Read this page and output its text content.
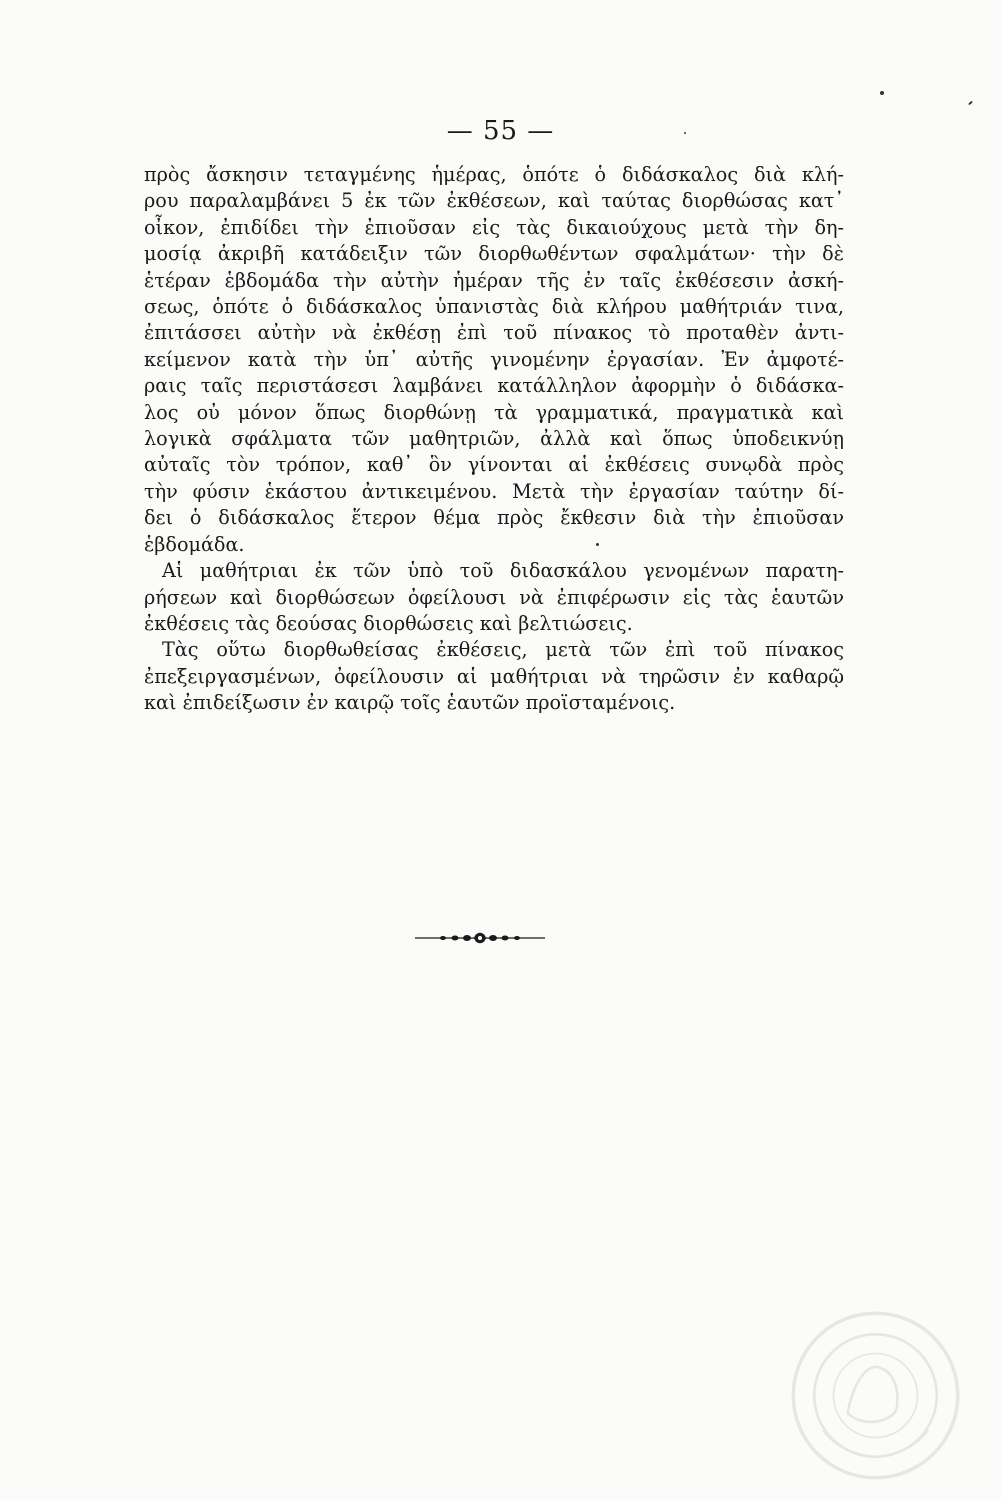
— 55 —

πρὸς ἄσκησιν τεταγμένης ἡμέρας, ὁπότε ὁ διδάσκαλος διὰ κλή-
ρου παραλαμβάνει 5 ἐκ τῶν ἐκθέσεων, καὶ ταύτας διορθώσας κατ᾽
οἶκον, ἐπιδίδει τὴν ἐπιοῦσαν εἰς τὰς δικαιούχους μετὰ τὴν δη-
μοσίᾳ ἀκριβῆ κατάδειξιν τῶν διορθωθέντων σφαλμάτων· τὴν δὲ
ἑτέραν ἑβδομάδα τὴν αὐτὴν ἡμέραν τῆς ἐν ταῖς ἐκθέσεσιν ἀσκή-
σεως, ὁπότε ὁ διδάσκαλος ὑπανιστὰς διὰ κλήρου μαθήτριάν τινα,
ἐπιτάσσει αὐτὴν νὰ ἐκθέσῃ ἐπὶ τοῦ πίνακος τὸ προταθὲν ἀντι-
κείμενον κατὰ τὴν ὑπ᾽ αὐτῆς γινομένην ἐργασίαν. Ἐν ἀμφοτέ-
ραις ταῖς περιστάσεσι λαμβάνει κατάλληλον ἀφορμὴν ὁ διδάσκα-
λος οὐ μόνον ὅπως διορθώνῃ τὰ γραμματικά, πραγματικὰ καὶ
λογικὰ σφάλματα τῶν μαθητριῶν, ἀλλὰ καὶ ὅπως ὑποδεικνύῃ
αὐταῖς τὸν τρόπον, καθ᾽ ὃν γίνονται αἱ ἐκθέσεις συνῳδὰ πρὸς
τὴν φύσιν ἑκάστου ἀντικειμένου. Μετὰ τὴν ἐργασίαν ταύτην δί-
δει ὁ διδάσκαλος ἕτερον θέμα πρὸς ἔκθεσιν διὰ τὴν ἐπιοῦσαν
ἑβδομάδα.

Αἱ μαθήτριαι ἐκ τῶν ὑπὸ τοῦ διδασκάλου γενομένων παρατη-
ρήσεων καὶ διορθώσεων ὀφείλουσι νὰ ἐπιφέρωσιν εἰς τὰς ἑαυτῶν
ἐκθέσεις τὰς δεούσας διορθώσεις καὶ βελτιώσεις.

Τὰς οὕτω διορθωθείσας ἐκθέσεις, μετὰ τῶν ἐπὶ τοῦ πίνακος
ἐπεξειργασμένων, ὀφείλουσιν αἱ μαθήτριαι νὰ τηρῶσιν ἐν καθαρῷ
καὶ ἐπιδείξωσιν ἐν καιρῷ τοῖς ἑαυτῶν προϊσταμένοις.
